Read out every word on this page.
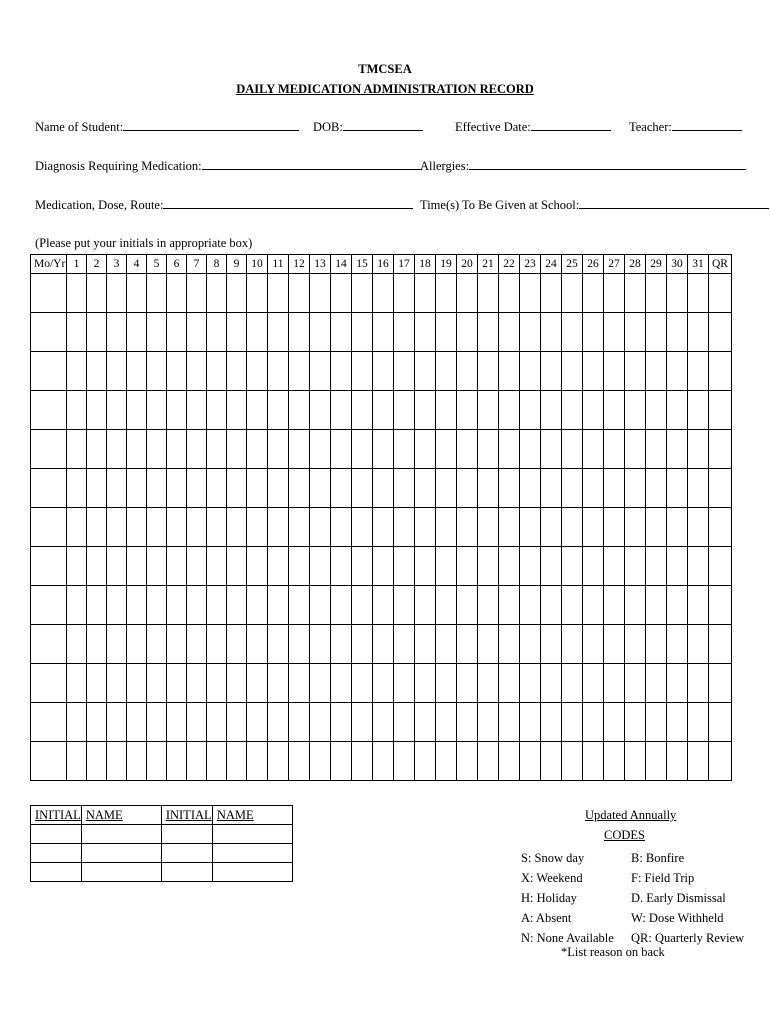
TMCSEA
DAILY MEDICATION ADMINISTRATION RECORD
Name of Student:	DOB:	Effective Date:	Teacher:
Diagnosis Requiring Medication:	Allergies:
Medication, Dose, Route:	Time(s) To Be Given at School:
(Please put your initials in appropriate box)
Mo/Yr	1	2	3	4	5	6	7	8	9	10	11	12	13	14	15	16	17	18	19	20	21	22	23	24	25	26	27	28	29	30	31	QR

INITIAL	NAME	INITIAL	NAME

				Updated Annually
CODES
S: Snow day
X: Weekend
H: Holiday
A: Absent
N: None Available
B: Bonfire
F: Field Trip
D. Early Dismissal
W: Dose Withheld
QR: Quarterly Review
*List reason on back
